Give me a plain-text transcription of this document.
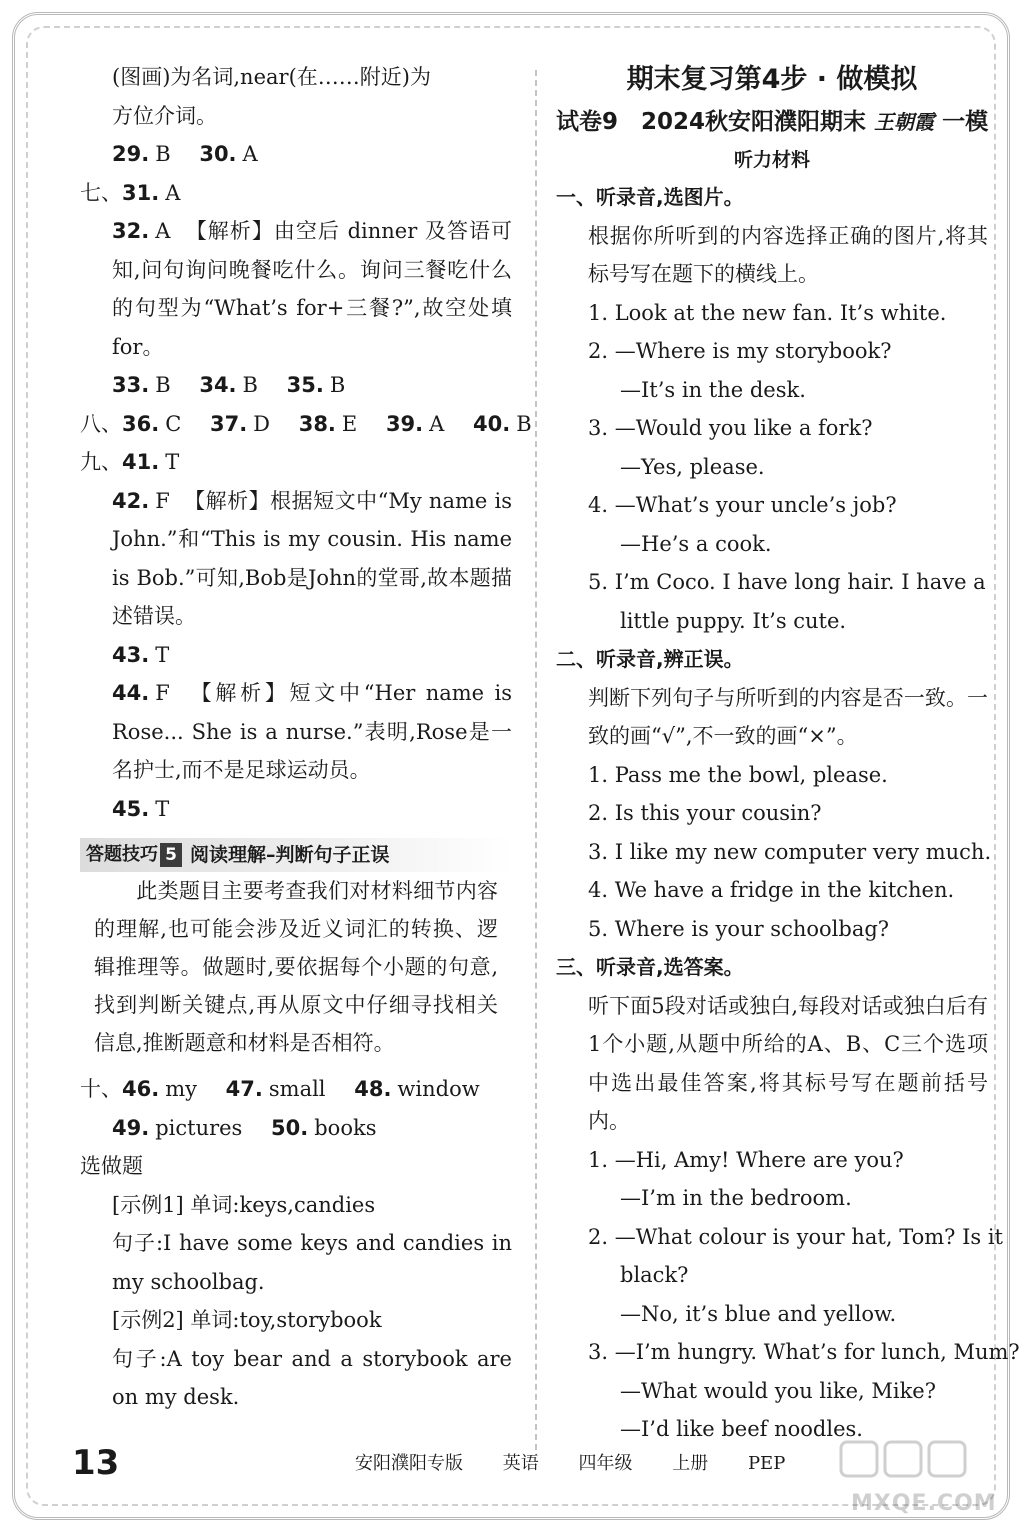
(图画)为名词,near(在……附近)为
方位介词。
29. B 30. A
七、31. A
32. A 【解析】由空后 dinner 及答语可知,问句询问晚餐吃什么。询问三餐吃什么的句型为“What’s for+三餐?”,故空处填 for。
33. B 34. B 35. B
八、36. C 37. D 38. E 39. A 40. B
九、41. T
42. F 【解析】根据短文中“My name is John.”和“This is my cousin. His name is Bob.”可知,Bob是John的堂哥,故本题描述错误。
43. T
44. F 【解析】短文中“Her name is Rose... She is a nurse.”表明,Rose是一名护士,而不是足球运动员。
45. T
答题技巧 5 阅读理解–判断句子正误
此类题目主要考查我们对材料细节内容的理解,也可能会涉及近义词汇的转换、逻辑推理等。做题时,要依据每个小题的句意,找到判断关键点,再从原文中仔细寻找相关信息,推断题意和材料是否相符。
十、46. my 47. small 48. window
49. pictures 50. books
选做题
[示例1] 单词:keys,candies
句子:I have some keys and candies in my schoolbag.
[示例2] 单词:toy,storybook
句子:A toy bear and a storybook are on my desk.
期末复习第4步 · 做模拟
试卷9　2024秋安阳濮阳期末 王朝霞 一模
听力材料
一、听录音,选图片。
根据你所听到的内容选择正确的图片,将其标号写在题下的横线上。
1. Look at the new fan. It’s white.
2. —Where is my storybook?
—It’s in the desk.
3. —Would you like a fork?
—Yes, please.
4. —What’s your uncle’s job?
—He’s a cook.
5. I’m Coco. I have long hair. I have a
little puppy. It’s cute.
二、听录音,辨正误。
判断下列句子与所听到的内容是否一致。一致的画“√”,不一致的画“×”。
1. Pass me the bowl, please.
2. Is this your cousin?
3. I like my new computer very much.
4. We have a fridge in the kitchen.
5. Where is your schoolbag?
三、听录音,选答案。
听下面5段对话或独白,每段对话或独白后有1个小题,从题中所给的A、B、C三个选项中选出最佳答案,将其标号写在题前括号内。
1. —Hi, Amy! Where are you?
—I’m in the bedroom.
2. —What colour is your hat, Tom? Is it
black?
—No, it’s blue and yellow.
3. —I’m hungry. What’s for lunch, Mum?
—What would you like, Mike?
—I’d like beef noodles.
13	安阳濮阳专版 英语 四年级 上册 PEP
MXQE.COM
